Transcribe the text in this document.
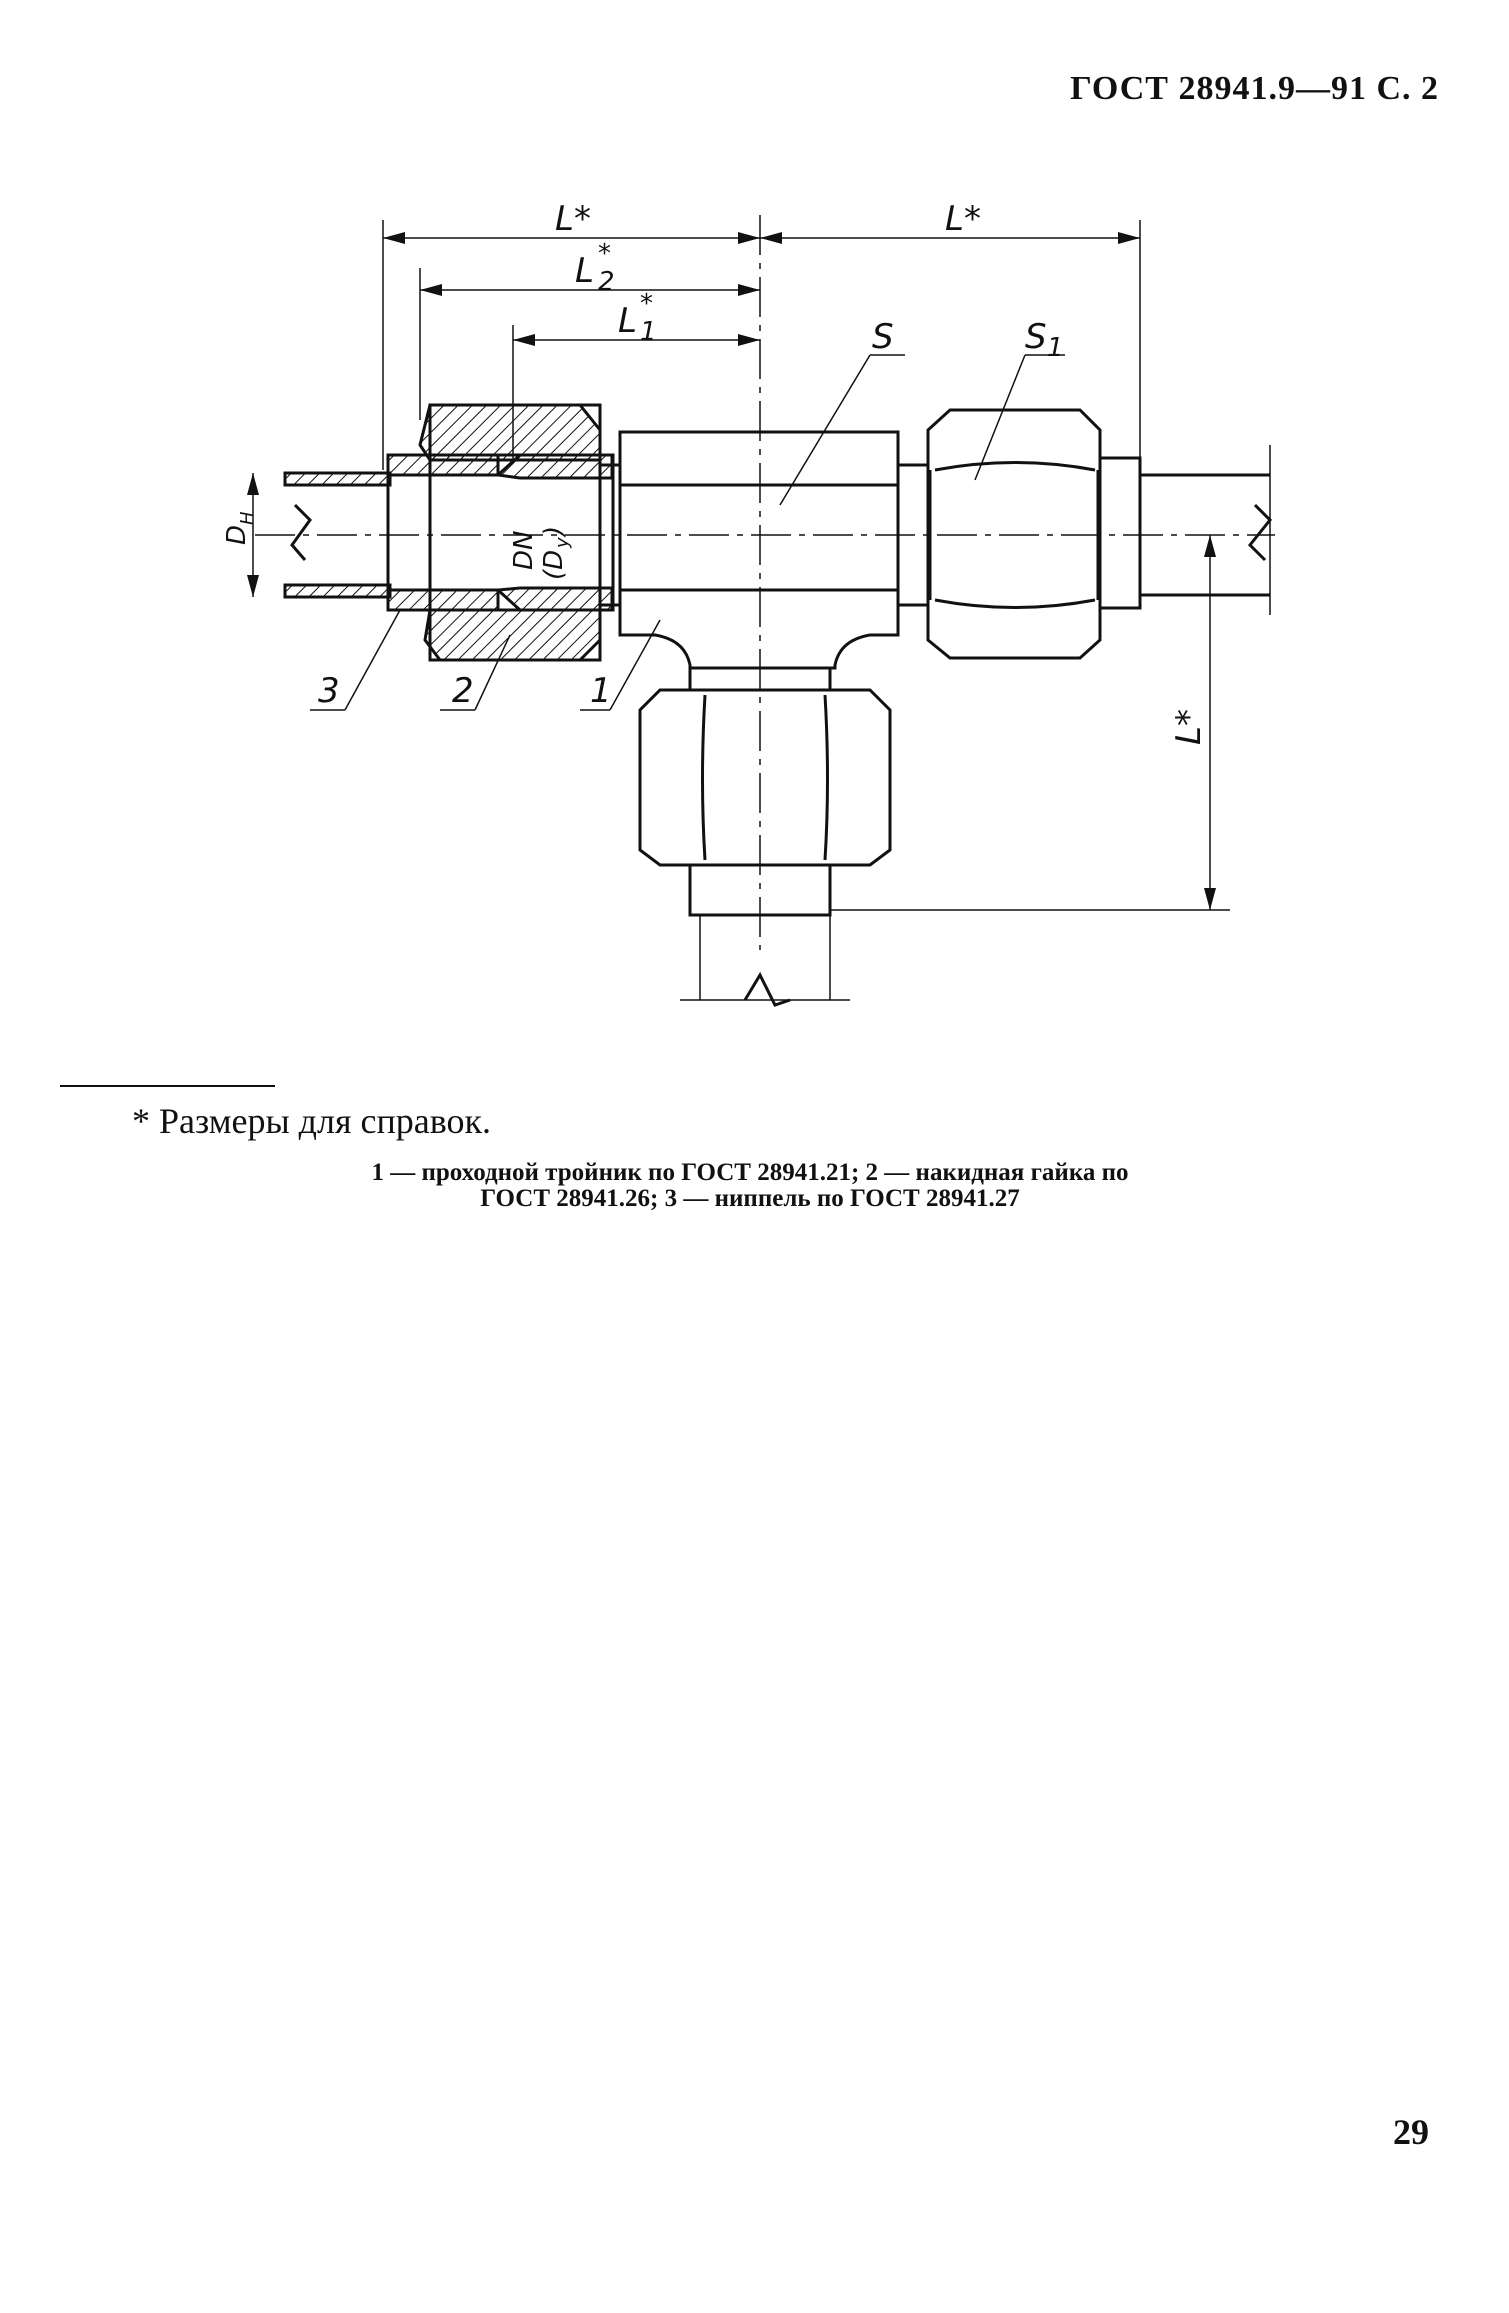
ГОСТ 28941.9—91 С. 2
L*	L*
L 2
*
L 1
*
S	S 1
D
H
DN (D
y
)
L*
3	2	1
* Размеры для справок.
1 — проходной тройник по ГОСТ 28941.21; 2 — накидная гайка по
ГОСТ 28941.26; 3 — ниппель по ГОСТ 28941.27
29
